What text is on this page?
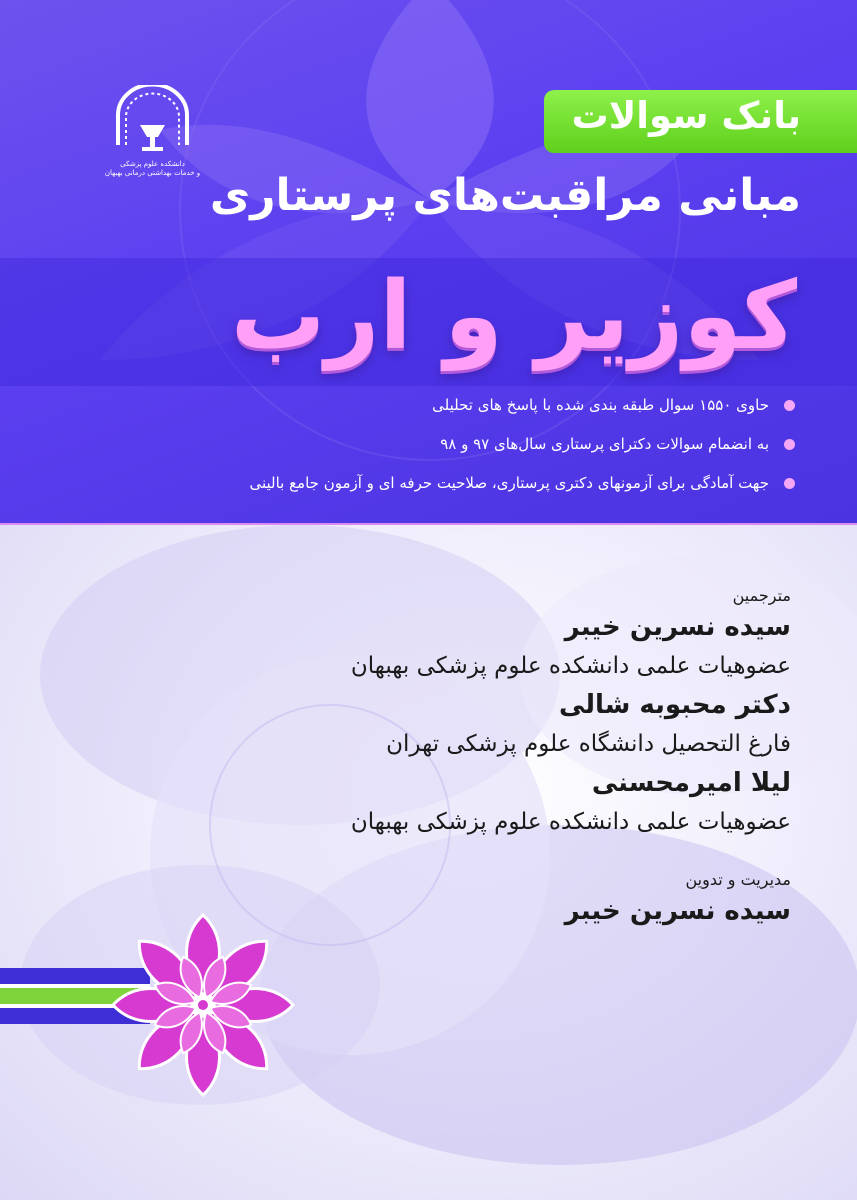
دانشکده علوم پزشکی
و خدمات بهداشتی درمانی بهبهان
بانک سوالات
مبانی مراقبت‌های پرستاری
کوزیر و ارب
حاوی ۱۵۵۰ سوال طبقه بندی شده با پاسخ های تحلیلی
به انضمام سوالات دکترای پرستاری سال‌های ۹۷ و ۹۸
جهت آمادگی برای آزمونهای دکتری پرستاری، صلاحیت حرفه ای و آزمون جامع بالینی
مترجمین
سیده نسرین خیبر
عضوهیات علمی دانشکده علوم پزشکی بهبهان
دکتر محبوبه شالی
فارغ التحصیل دانشگاه علوم پزشکی تهران
لیلا امیرمحسنی
عضوهیات علمی دانشکده علوم پزشکی بهبهان
مدیریت و تدوین
سیده نسرین خیبر
